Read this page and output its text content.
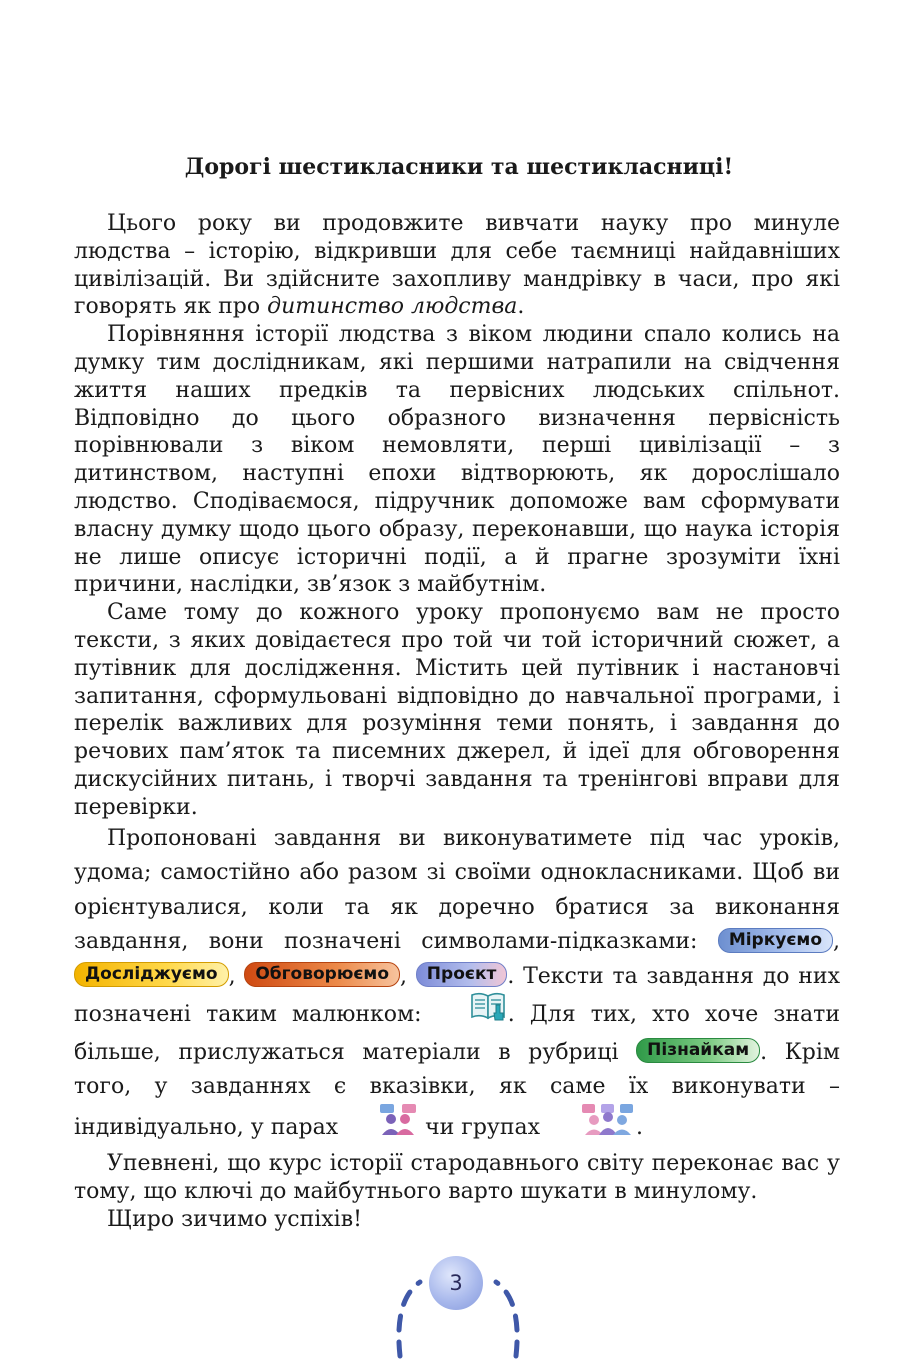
Дорогі шестикласники та шестикласниці!

Цього року ви продовжите вивчати науку про минуле людства – історію, відкривши для себе таємниці найдавніших цивілізацій. Ви здійсните захопливу мандрівку в часи, про які говорять як про дитинство людства.

Порівняння історії людства з віком людини спало колись на думку тим дослідникам, які першими натрапили на свідчення життя наших предків та первісних людських спільнот. Відповідно до цього образного визначення первісність порівнювали з віком немовляти, перші цивілізації – з дитинством, наступні епохи відтворюють, як дорослішало людство. Сподіваємося, підручник допоможе вам сформувати власну думку щодо цього образу, переконавши, що наука історія не лише описує історичні події, а й прагне зрозуміти їхні причини, наслідки, зв’язок з майбутнім.

Саме тому до кожного уроку пропонуємо вам не просто тексти, з яких довідаєтеся про той чи той історичний сюжет, а путівник для дослідження. Містить цей путівник і настановчі запитання, сформульовані відповідно до навчальної програми, і перелік важливих для розуміння теми понять, і завдання до речових пам’яток та писемних джерел, й ідеї для обговорення дискусійних питань, і творчі завдання та тренінгові вправи для перевірки.

Пропоновані завдання ви виконуватимете під час уроків, удома; самостійно або разом зі своїми однокласниками. Щоб ви орієнтувалися, коли та як доречно братися за виконання завдання, вони позначені символами-підказками: Міркуємо , Досліджуємо , Обговорюємо , Проєкт . Тексти та завдання до них позначені таким малюнком:	. Для тих, хто хоче знати більше, прислужаться матеріали в рубриці Пізнайкам . Крім того, у завданнях є вказівки, як саме їх виконувати – індивідуально, у парах	чи групах	.

Упевнені, що курс історії стародавнього світу переконає вас у тому, що ключі до майбутнього варто шукати в минулому.

Щиро зичимо успіхів!

3
